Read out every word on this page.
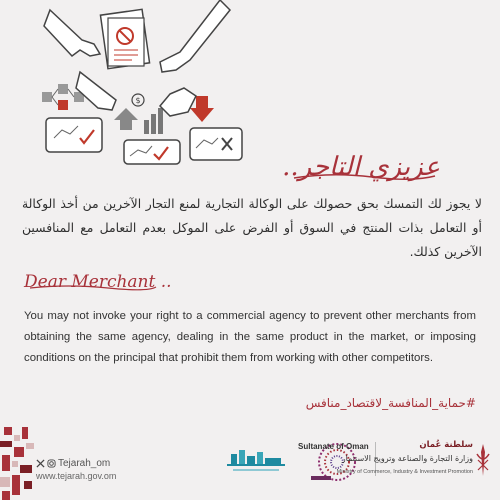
$
عزيزي التاجر..
لا يجوز لك التمسك بحق حصولك على الوكالة التجارية لمنع التجار الآخرين من أخذ الوكالة أو التعامل بذات المنتج في السوق أو الفرض على الموكل بعدم التعامل مع المنافسين الآخرين كذلك.
Dear Merchant ..
You may not invoke your right to a commercial agency to prevent other merchants from obtaining the same agency, dealing in the same product in the market, or imposing conditions on the principal that prohibit them from working with other competitors.
#حماية_المنافسة_لاقتصاد_منافس
Tejarah_om
www.tejarah.gov.om
Sultanate of Oman	سلطنة عُمان
وزارة التجارة والصناعة وترويج الاستثمار
Ministry of Commerce, Industry & Investment Promotion
